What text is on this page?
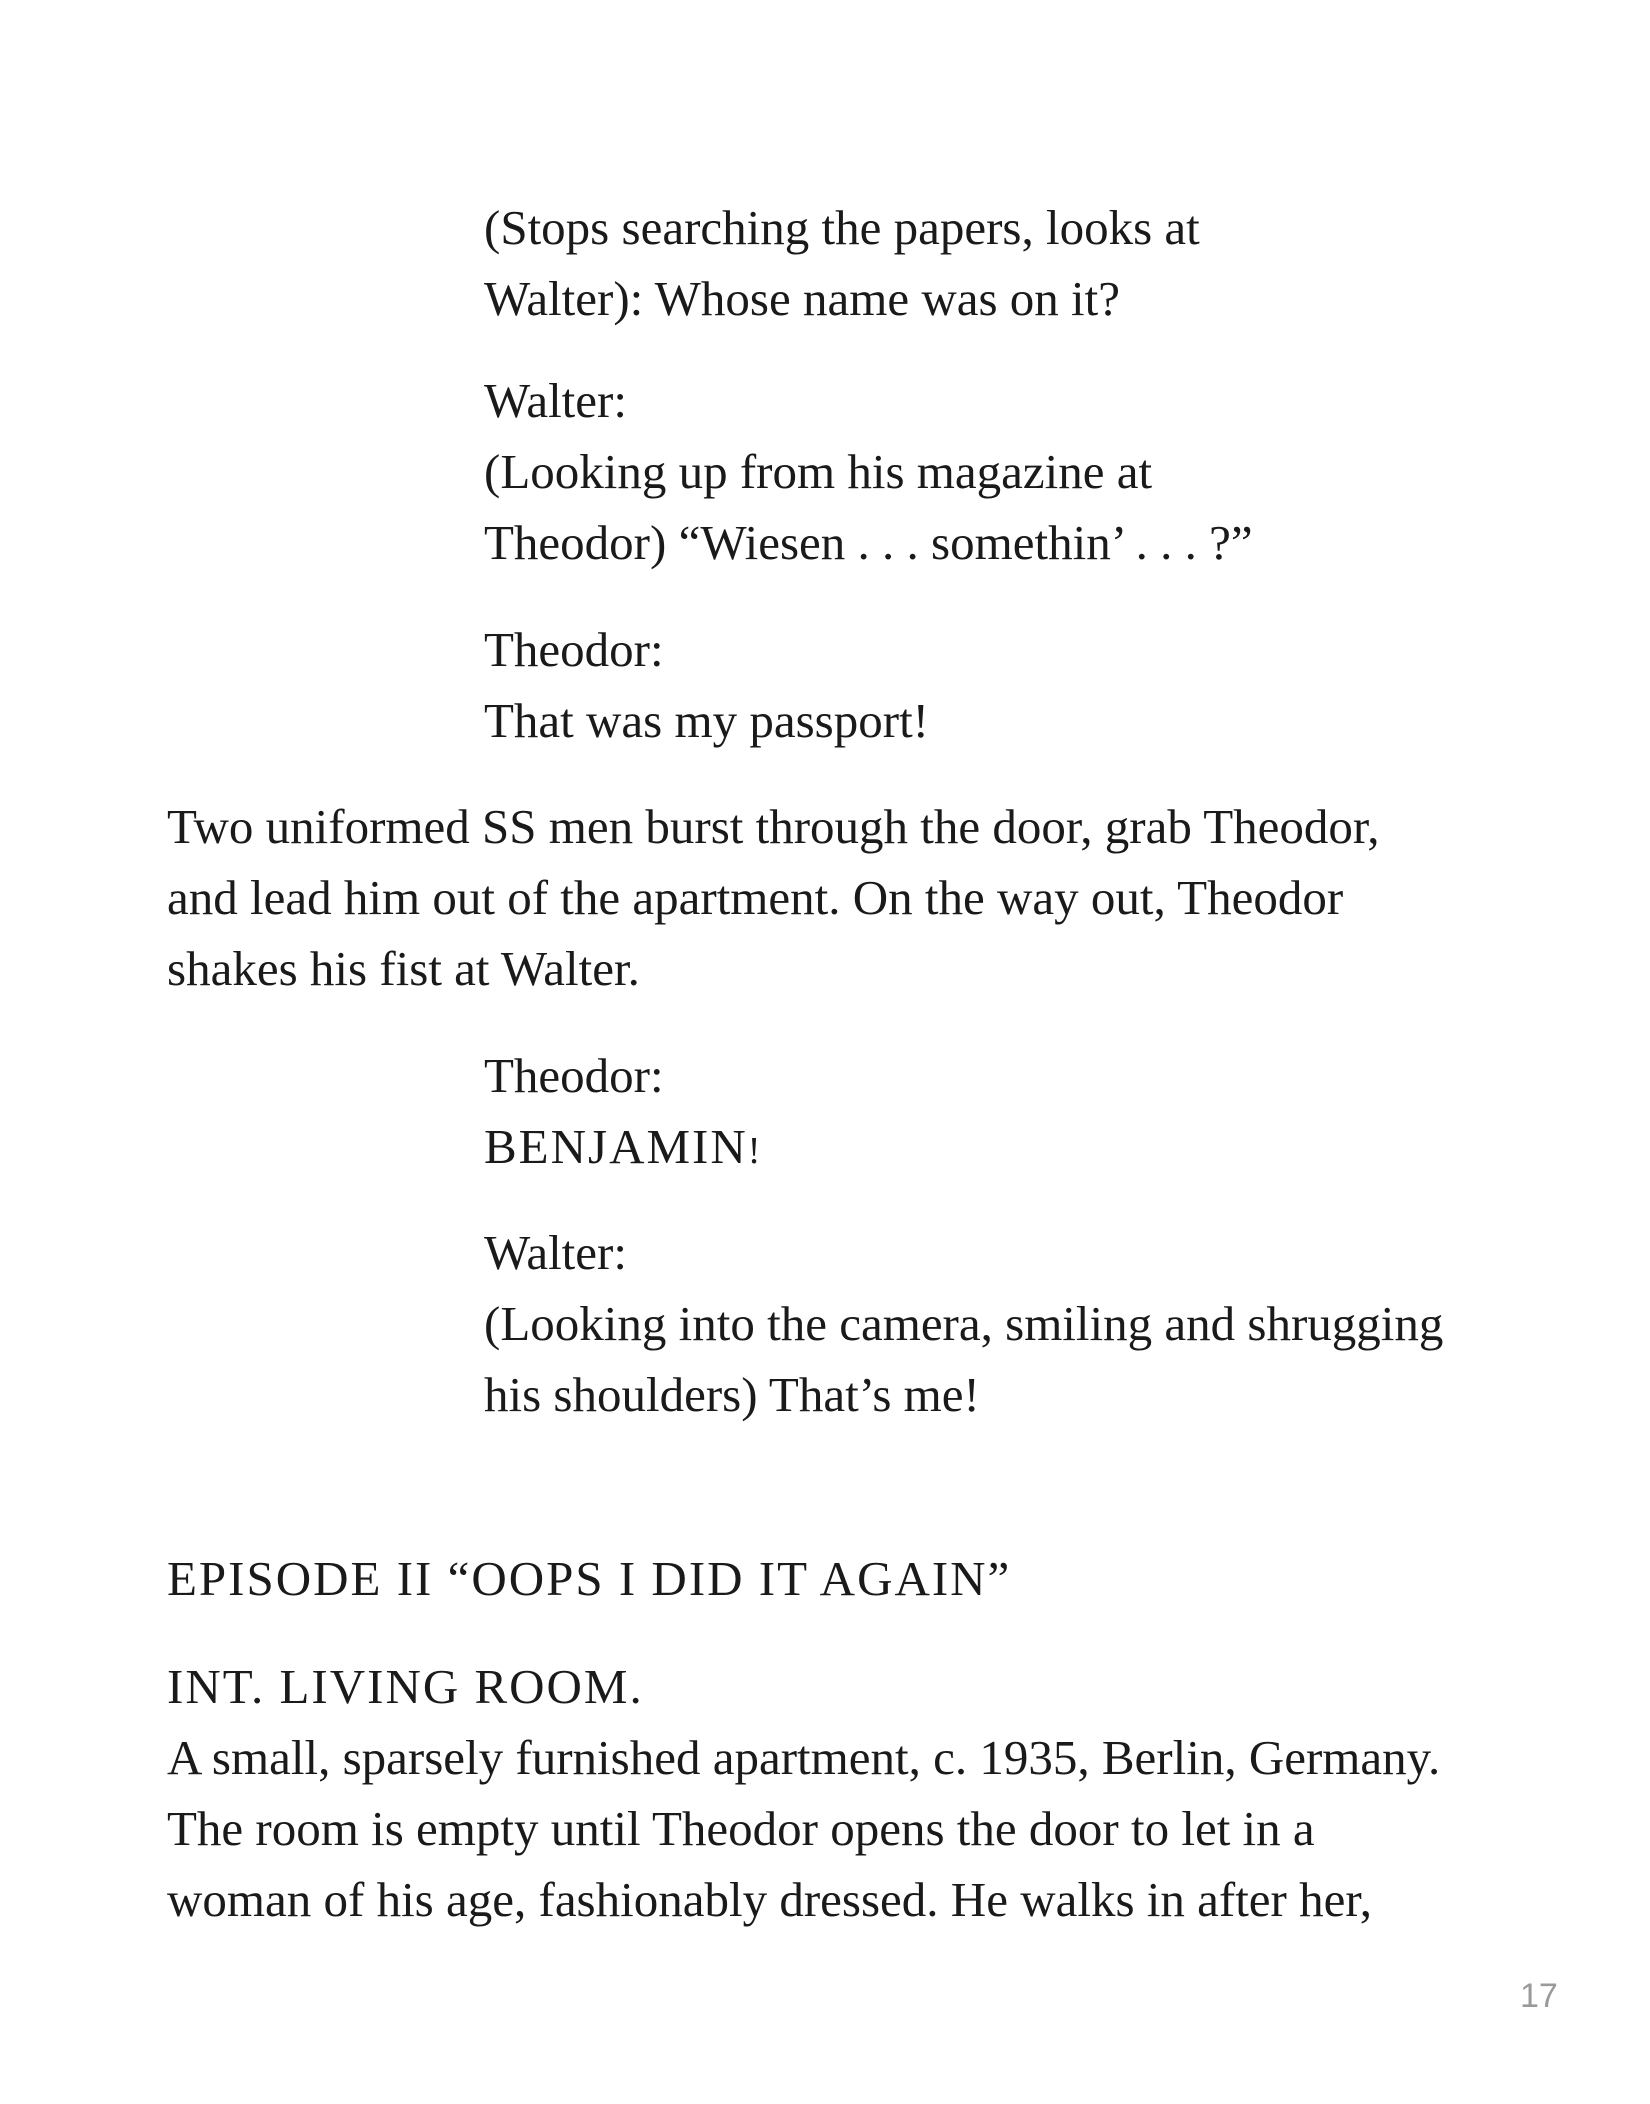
(Stops searching the papers, looks at
Walter): Whose name was on it?
Walter:
(Looking up from his magazine at
Theodor) “Wiesen . . . somethin’ . . . ?”
Theodor:
That was my passport!
Two uniformed SS men burst through the door, grab Theodor,
and lead him out of the apartment. On the way out, Theodor
shakes his fist at Walter.
Theodor:
BENJAMIN!
Walter:
(Looking into the camera, smiling and shrugging
his shoulders) That’s me!
EPISODE II “OOPS I DID IT AGAIN”
INT. LIVING ROOM.
A small, sparsely furnished apartment, c. 1935, Berlin, Germany.
The room is empty until Theodor opens the door to let in a
woman of his age, fashionably dressed. He walks in after her,
17
